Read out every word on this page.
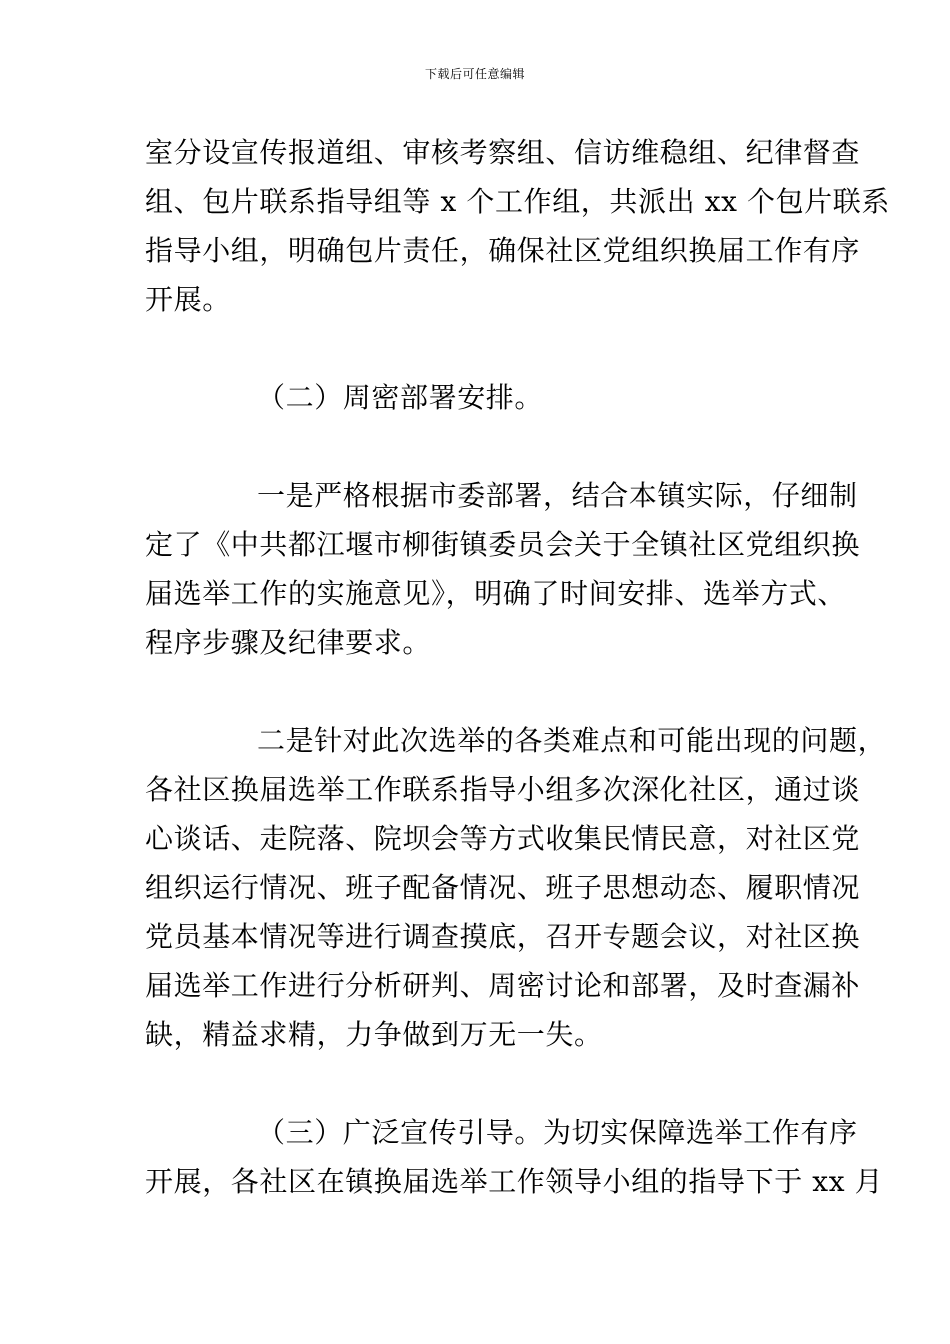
下载后可任意编辑
室分设宣传报道组、审核考察组、信访维稳组、纪律督查
组、包片联系指导组等 x 个工作组，共派出 xx 个包片联系
指导小组，明确包片责任，确保社区党组织换届工作有序
开展。
（二）周密部署安排。
一是严格根据市委部署，结合本镇实际，仔细制
定了《中共都江堰市柳街镇委员会关于全镇社区党组织换
届选举工作的实施意见》，明确了时间安排、选举方式、
程序步骤及纪律要求。
二是针对此次选举的各类难点和可能出现的问题，
各社区换届选举工作联系指导小组多次深化社区，通过谈
心谈话、走院落、院坝会等方式收集民情民意，对社区党
组织运行情况、班子配备情况、班子思想动态、履职情况
党员基本情况等进行调查摸底，召开专题会议，对社区换
届选举工作进行分析研判、周密讨论和部署，及时查漏补
缺，精益求精，力争做到万无一失。
（三）广泛宣传引导。为切实保障选举工作有序
开展，各社区在镇换届选举工作领导小组的指导下于 xx 月
